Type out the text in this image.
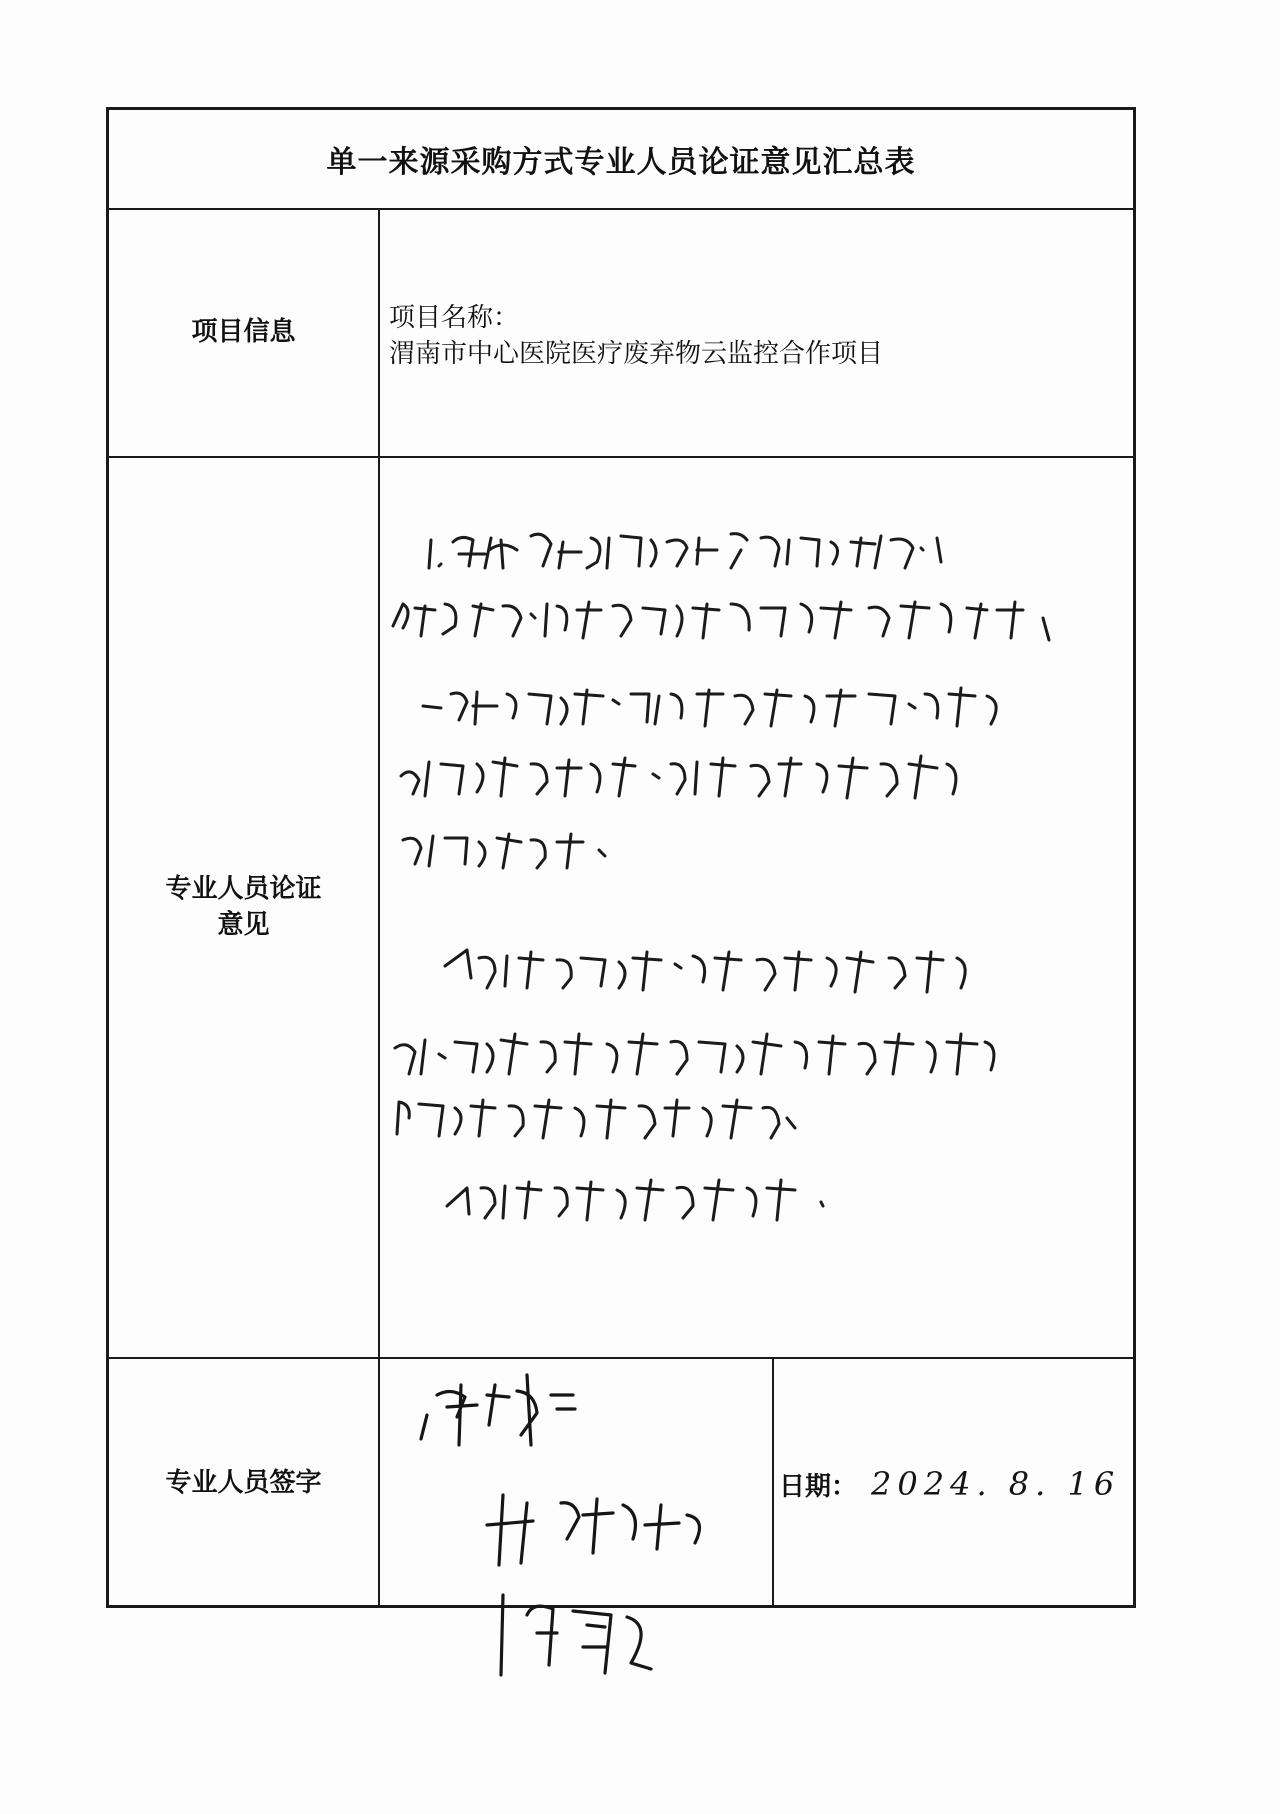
单一来源采购方式专业人员论证意见汇总表
项目信息	项目名称：
渭南市中心医院医疗废弃物云监控合作项目
专业人员论证
意见
专业人员签字	日期： 2024. 8. 16
